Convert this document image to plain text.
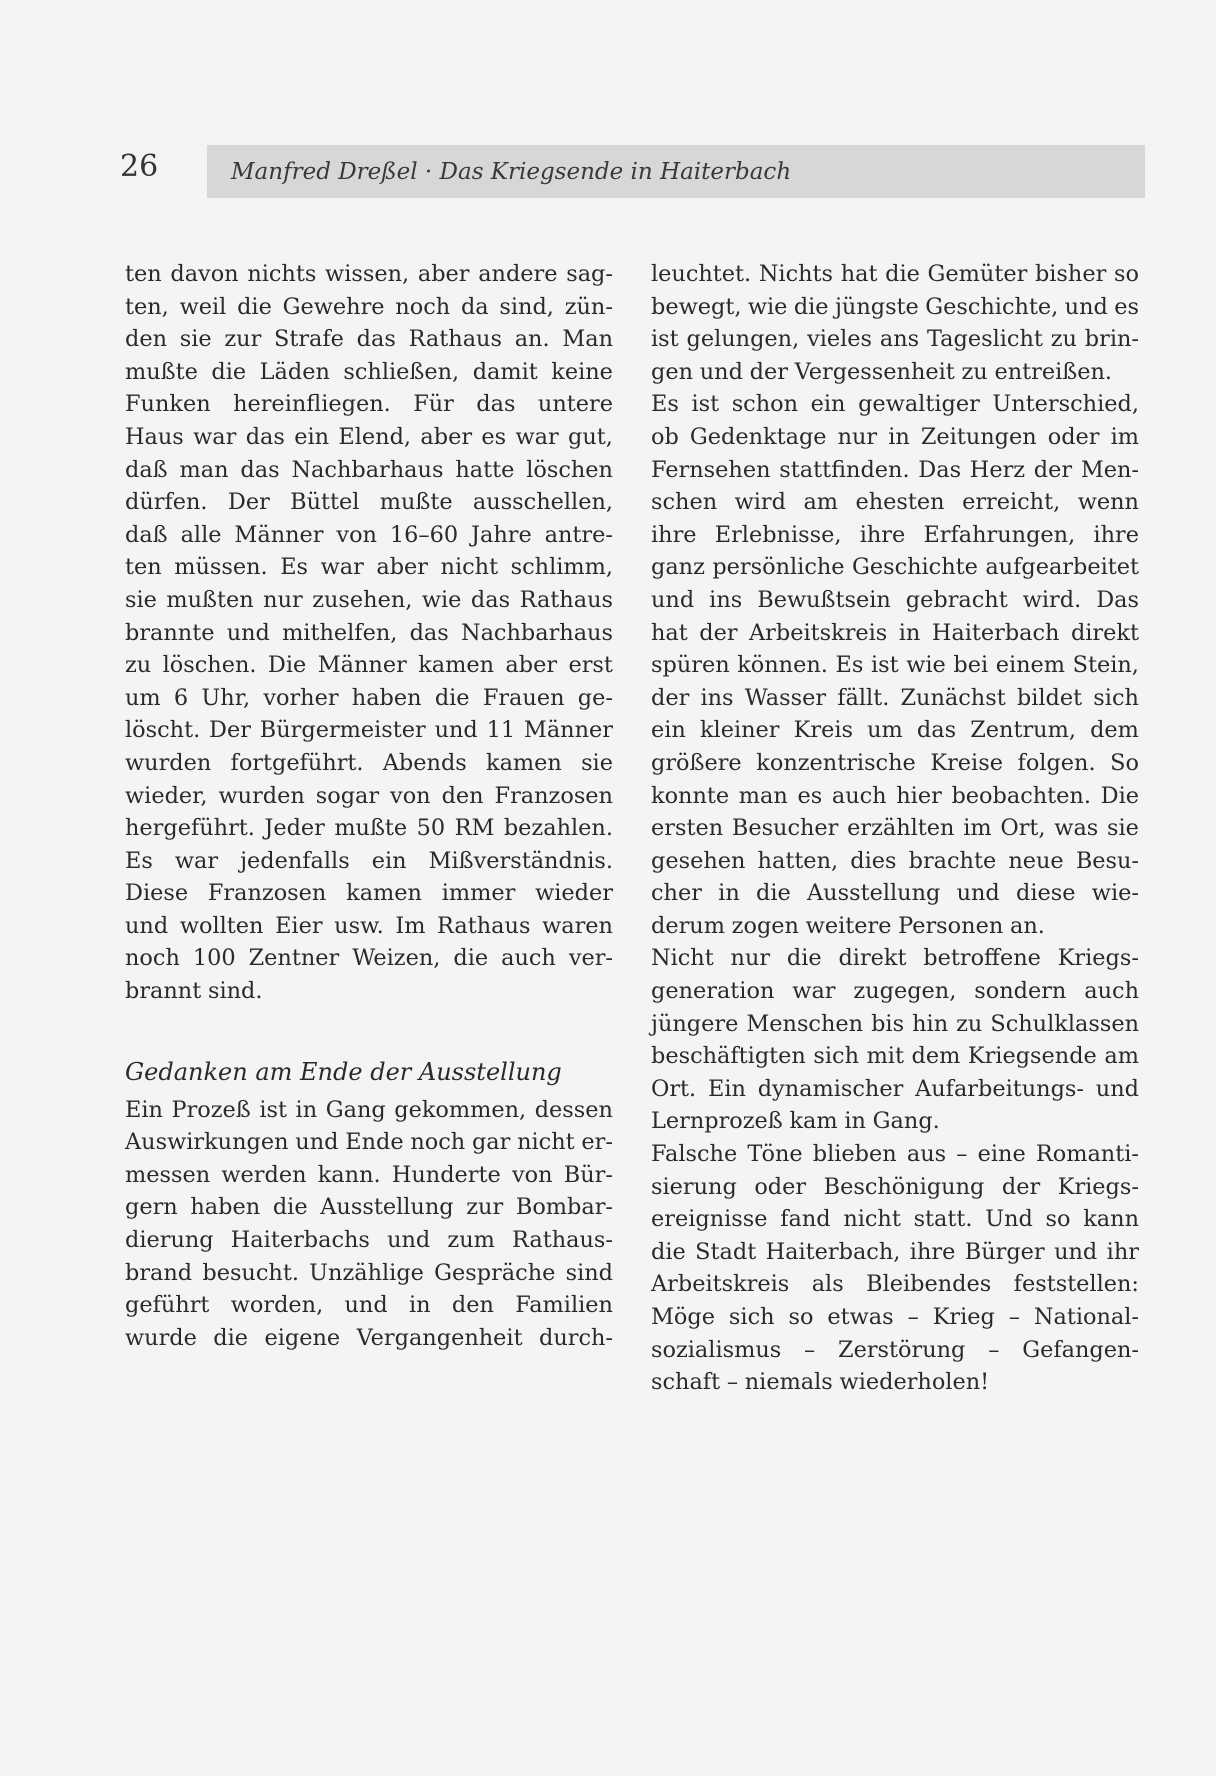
26	Manfred Dreßel · Das Kriegsende in Haiterbach
ten davon nichts wissen, aber andere sag-
ten, weil die Gewehre noch da sind, zün-
den sie zur Strafe das Rathaus an. Man
mußte die Läden schließen, damit keine
Funken hereinfliegen. Für das untere
Haus war das ein Elend, aber es war gut,
daß man das Nachbarhaus hatte löschen
dürfen. Der Büttel mußte ausschellen,
daß alle Männer von 16–60 Jahre antre-
ten müssen. Es war aber nicht schlimm,
sie mußten nur zusehen, wie das Rathaus
brannte und mithelfen, das Nachbarhaus
zu löschen. Die Männer kamen aber erst
um 6 Uhr, vorher haben die Frauen ge-
löscht. Der Bürgermeister und 11 Männer
wurden fortgeführt. Abends kamen sie
wieder, wurden sogar von den Franzosen
hergeführt. Jeder mußte 50 RM bezahlen.
Es war jedenfalls ein Mißverständnis.
Diese Franzosen kamen immer wieder
und wollten Eier usw. Im Rathaus waren
noch 100 Zentner Weizen, die auch ver-
brannt sind.
Gedanken am Ende der Ausstellung
Ein Prozeß ist in Gang gekommen, dessen
Auswirkungen und Ende noch gar nicht er-
messen werden kann. Hunderte von Bür-
gern haben die Ausstellung zur Bombar-
dierung Haiterbachs und zum Rathaus-
brand besucht. Unzählige Gespräche sind
geführt worden, und in den Familien
wurde die eigene Vergangenheit durch-
leuchtet. Nichts hat die Gemüter bisher so
bewegt, wie die jüngste Geschichte, und es
ist gelungen, vieles ans Tageslicht zu brin-
gen und der Vergessenheit zu entreißen.
Es ist schon ein gewaltiger Unterschied,
ob Gedenktage nur in Zeitungen oder im
Fernsehen stattfinden. Das Herz der Men-
schen wird am ehesten erreicht, wenn
ihre Erlebnisse, ihre Erfahrungen, ihre
ganz persönliche Geschichte aufgearbeitet
und ins Bewußtsein gebracht wird. Das
hat der Arbeitskreis in Haiterbach direkt
spüren können. Es ist wie bei einem Stein,
der ins Wasser fällt. Zunächst bildet sich
ein kleiner Kreis um das Zentrum, dem
größere konzentrische Kreise folgen. So
konnte man es auch hier beobachten. Die
ersten Besucher erzählten im Ort, was sie
gesehen hatten, dies brachte neue Besu-
cher in die Ausstellung und diese wie-
derum zogen weitere Personen an.
Nicht nur die direkt betroffene Kriegs-
generation war zugegen, sondern auch
jüngere Menschen bis hin zu Schulklassen
beschäftigten sich mit dem Kriegsende am
Ort. Ein dynamischer Aufarbeitungs- und
Lernprozeß kam in Gang.
Falsche Töne blieben aus – eine Romanti-
sierung oder Beschönigung der Kriegs-
ereignisse fand nicht statt. Und so kann
die Stadt Haiterbach, ihre Bürger und ihr
Arbeitskreis als Bleibendes feststellen:
Möge sich so etwas – Krieg – National-
sozialismus – Zerstörung – Gefangen-
schaft – niemals wiederholen!
